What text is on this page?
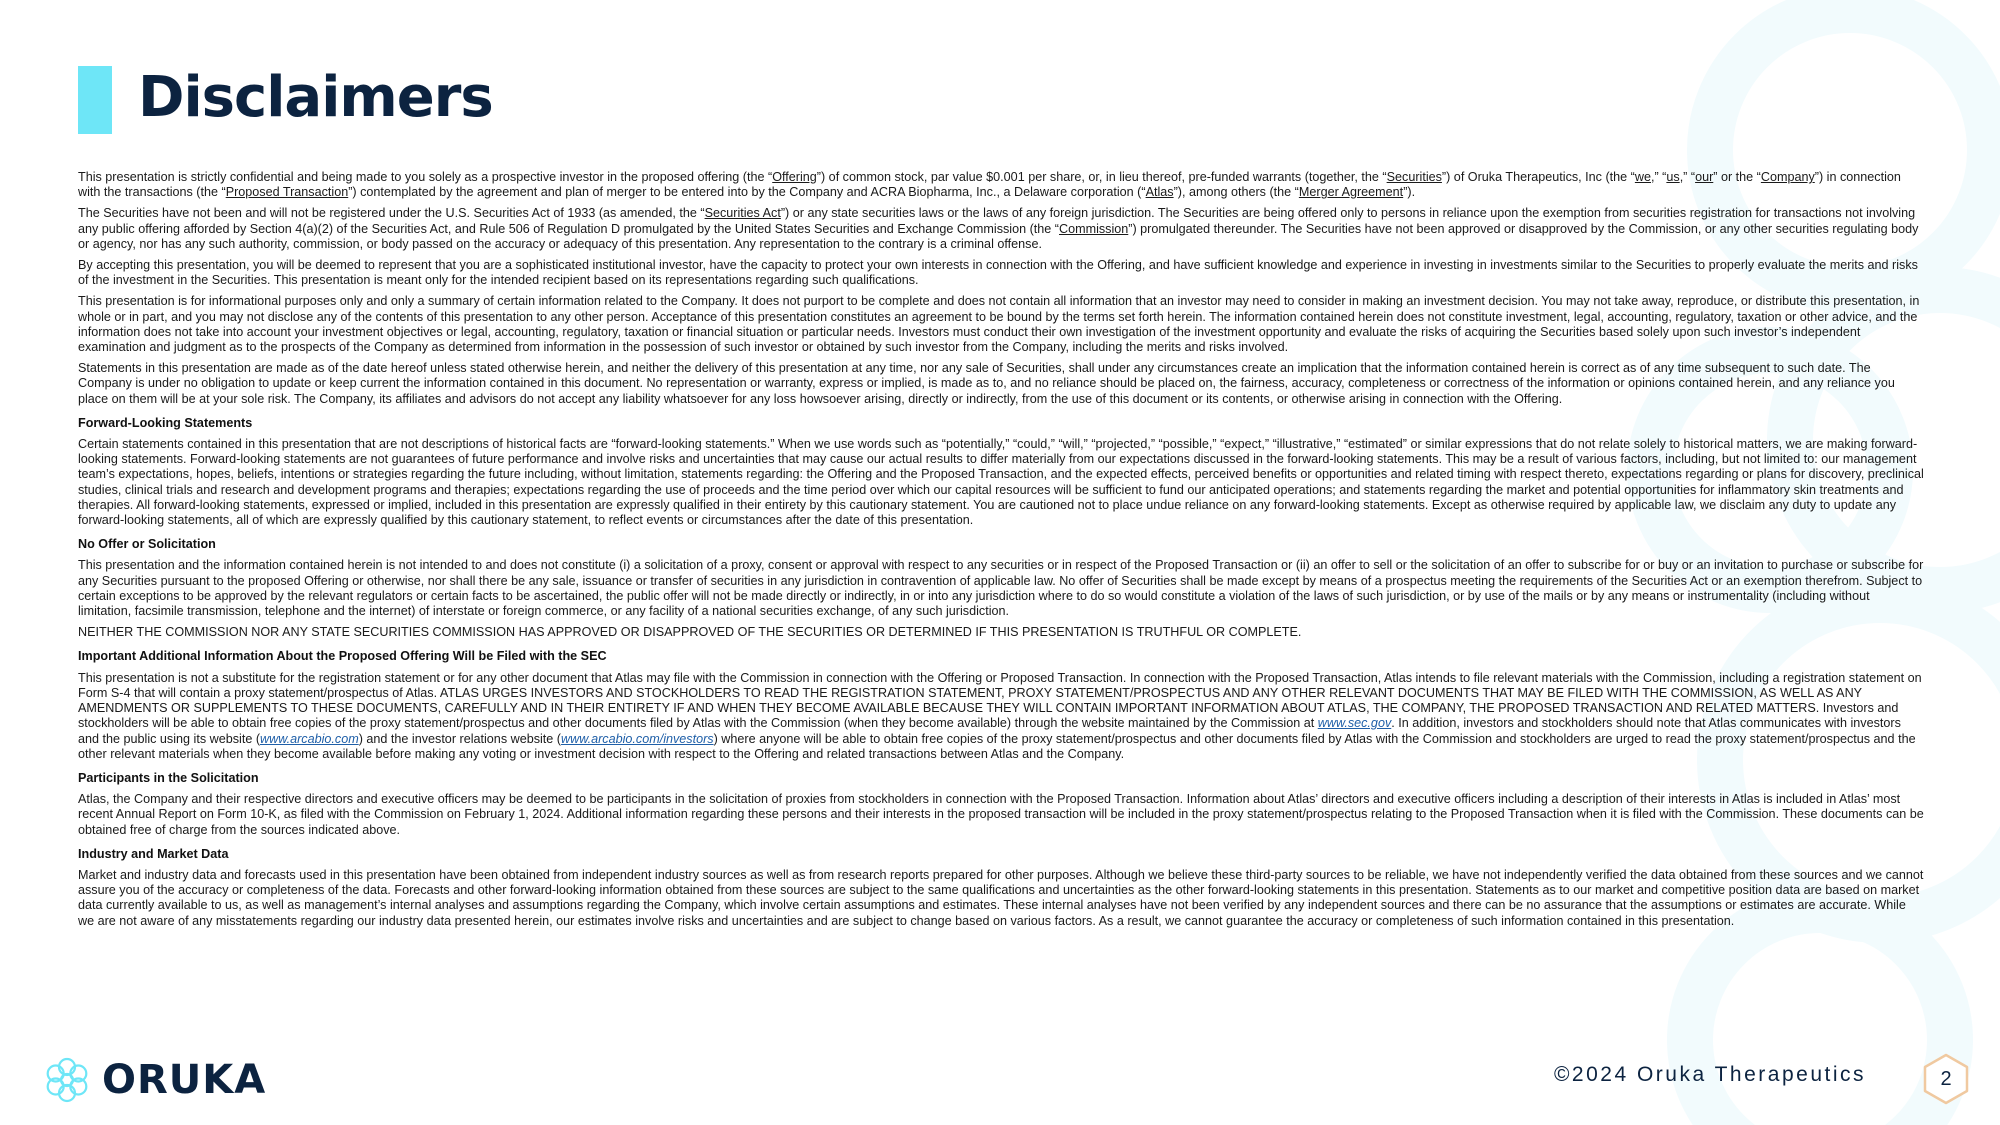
Disclaimers

This presentation is strictly confidential and being made to you solely as a prospective investor in the proposed offering (the “Offering”) of common stock, par value $0.001 per share, or, in lieu thereof, pre-funded warrants (together, the “Securities”) of Oruka Therapeutics, Inc (the “we,” “us,” “our” or the “Company”) in connection with the transactions (the “Proposed Transaction”) contemplated by the agreement and plan of merger to be entered into by the Company and ACRA Biopharma, Inc., a Delaware corporation (“Atlas”), among others (the “Merger Agreement”).

The Securities have not been and will not be registered under the U.S. Securities Act of 1933 (as amended, the “Securities Act”) or any state securities laws or the laws of any foreign jurisdiction. The Securities are being offered only to persons in reliance upon the exemption from securities registration for transactions not involving any public offering afforded by Section 4(a)(2) of the Securities Act, and Rule 506 of Regulation D promulgated by the United States Securities and Exchange Commission (the “Commission”) promulgated thereunder. The Securities have not been approved or disapproved by the Commission, or any other securities regulating body or agency, nor has any such authority, commission, or body passed on the accuracy or adequacy of this presentation. Any representation to the contrary is a criminal offense.

By accepting this presentation, you will be deemed to represent that you are a sophisticated institutional investor, have the capacity to protect your own interests in connection with the Offering, and have sufficient knowledge and experience in investing in investments similar to the Securities to properly evaluate the merits and risks of the investment in the Securities. This presentation is meant only for the intended recipient based on its representations regarding such qualifications.

This presentation is for informational purposes only and only a summary of certain information related to the Company. It does not purport to be complete and does not contain all information that an investor may need to consider in making an investment decision. You may not take away, reproduce, or distribute this presentation, in whole or in part, and you may not disclose any of the contents of this presentation to any other person. Acceptance of this presentation constitutes an agreement to be bound by the terms set forth herein. The information contained herein does not constitute investment, legal, accounting, regulatory, taxation or other advice, and the information does not take into account your investment objectives or legal, accounting, regulatory, taxation or financial situation or particular needs. Investors must conduct their own investigation of the investment opportunity and evaluate the risks of acquiring the Securities based solely upon such investor’s independent examination and judgment as to the prospects of the Company as determined from information in the possession of such investor or obtained by such investor from the Company, including the merits and risks involved.

Statements in this presentation are made as of the date hereof unless stated otherwise herein, and neither the delivery of this presentation at any time, nor any sale of Securities, shall under any circumstances create an implication that the information contained herein is correct as of any time subsequent to such date. The Company is under no obligation to update or keep current the information contained in this document. No representation or warranty, express or implied, is made as to, and no reliance should be placed on, the fairness, accuracy, completeness or correctness of the information or opinions contained herein, and any reliance you place on them will be at your sole risk. The Company, its affiliates and advisors do not accept any liability whatsoever for any loss howsoever arising, directly or indirectly, from the use of this document or its contents, or otherwise arising in connection with the Offering.

Forward-Looking Statements

Certain statements contained in this presentation that are not descriptions of historical facts are “forward-looking statements.” When we use words such as “potentially,” “could,” “will,” “projected,” “possible,” “expect,” “illustrative,” “estimated” or similar expressions that do not relate solely to historical matters, we are making forward-looking statements. Forward-looking statements are not guarantees of future performance and involve risks and uncertainties that may cause our actual results to differ materially from our expectations discussed in the forward-looking statements. This may be a result of various factors, including, but not limited to: our management team’s expectations, hopes, beliefs, intentions or strategies regarding the future including, without limitation, statements regarding: the Offering and the Proposed Transaction, and the expected effects, perceived benefits or opportunities and related timing with respect thereto, expectations regarding or plans for discovery, preclinical studies, clinical trials and research and development programs and therapies; expectations regarding the use of proceeds and the time period over which our capital resources will be sufficient to fund our anticipated operations; and statements regarding the market and potential opportunities for inflammatory skin treatments and therapies. All forward-looking statements, expressed or implied, included in this presentation are expressly qualified in their entirety by this cautionary statement. You are cautioned not to place undue reliance on any forward-looking statements. Except as otherwise required by applicable law, we disclaim any duty to update any forward-looking statements, all of which are expressly qualified by this cautionary statement, to reflect events or circumstances after the date of this presentation.

No Offer or Solicitation

This presentation and the information contained herein is not intended to and does not constitute (i) a solicitation of a proxy, consent or approval with respect to any securities or in respect of the Proposed Transaction or (ii) an offer to sell or the solicitation of an offer to subscribe for or buy or an invitation to purchase or subscribe for any Securities pursuant to the proposed Offering or otherwise, nor shall there be any sale, issuance or transfer of securities in any jurisdiction in contravention of applicable law. No offer of Securities shall be made except by means of a prospectus meeting the requirements of the Securities Act or an exemption therefrom. Subject to certain exceptions to be approved by the relevant regulators or certain facts to be ascertained, the public offer will not be made directly or indirectly, in or into any jurisdiction where to do so would constitute a violation of the laws of such jurisdiction, or by use of the mails or by any means or instrumentality (including without limitation, facsimile transmission, telephone and the internet) of interstate or foreign commerce, or any facility of a national securities exchange, of any such jurisdiction.

NEITHER THE COMMISSION NOR ANY STATE SECURITIES COMMISSION HAS APPROVED OR DISAPPROVED OF THE SECURITIES OR DETERMINED IF THIS PRESENTATION IS TRUTHFUL OR COMPLETE.

Important Additional Information About the Proposed Offering Will be Filed with the SEC

This presentation is not a substitute for the registration statement or for any other document that Atlas may file with the Commission in connection with the Offering or Proposed Transaction. In connection with the Proposed Transaction, Atlas intends to file relevant materials with the Commission, including a registration statement on Form S-4 that will contain a proxy statement/prospectus of Atlas. ATLAS URGES INVESTORS AND STOCKHOLDERS TO READ THE REGISTRATION STATEMENT, PROXY STATEMENT/PROSPECTUS AND ANY OTHER RELEVANT DOCUMENTS THAT MAY BE FILED WITH THE COMMISSION, AS WELL AS ANY AMENDMENTS OR SUPPLEMENTS TO THESE DOCUMENTS, CAREFULLY AND IN THEIR ENTIRETY IF AND WHEN THEY BECOME AVAILABLE BECAUSE THEY WILL CONTAIN IMPORTANT INFORMATION ABOUT ATLAS, THE COMPANY, THE PROPOSED TRANSACTION AND RELATED MATTERS. Investors and stockholders will be able to obtain free copies of the proxy statement/prospectus and other documents filed by Atlas with the Commission (when they become available) through the website maintained by the Commission at www.sec.gov. In addition, investors and stockholders should note that Atlas communicates with investors and the public using its website (www.arcabio.com) and the investor relations website (www.arcabio.com/investors) where anyone will be able to obtain free copies of the proxy statement/prospectus and other documents filed by Atlas with the Commission and stockholders are urged to read the proxy statement/prospectus and the other relevant materials when they become available before making any voting or investment decision with respect to the Offering and related transactions between Atlas and the Company.

Participants in the Solicitation

Atlas, the Company and their respective directors and executive officers may be deemed to be participants in the solicitation of proxies from stockholders in connection with the Proposed Transaction. Information about Atlas’ directors and executive officers including a description of their interests in Atlas is included in Atlas’ most recent Annual Report on Form 10-K, as filed with the Commission on February 1, 2024. Additional information regarding these persons and their interests in the proposed transaction will be included in the proxy statement/prospectus relating to the Proposed Transaction when it is filed with the Commission. These documents can be obtained free of charge from the sources indicated above.

Industry and Market Data

Market and industry data and forecasts used in this presentation have been obtained from independent industry sources as well as from research reports prepared for other purposes. Although we believe these third-party sources to be reliable, we have not independently verified the data obtained from these sources and we cannot assure you of the accuracy or completeness of the data. Forecasts and other forward-looking information obtained from these sources are subject to the same qualifications and uncertainties as the other forward-looking statements in this presentation. Statements as to our market and competitive position data are based on market data currently available to us, as well as management’s internal analyses and assumptions regarding the Company, which involve certain assumptions and estimates. These internal analyses have not been verified by any independent sources and there can be no assurance that the assumptions or estimates are accurate. While we are not aware of any misstatements regarding our industry data presented herein, our estimates involve risks and uncertainties and are subject to change based on various factors. As a result, we cannot guarantee the accuracy or completeness of such information contained in this presentation.

ORUKA	©2024 Oruka Therapeutics	2
